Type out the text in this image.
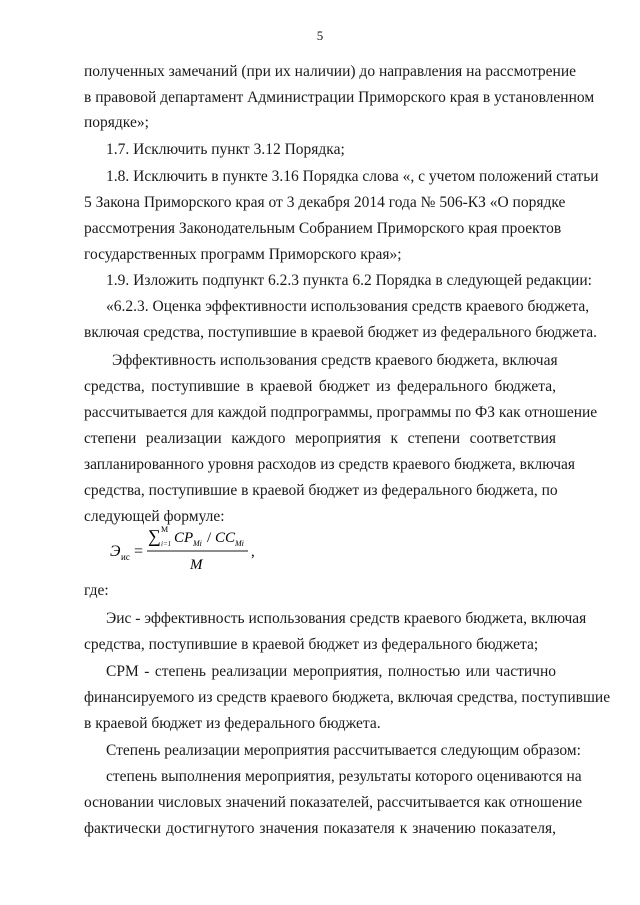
5
полученных замечаний (при их наличии) до направления на рассмотрение
в правовой департамент Администрации Приморского края в установленном
порядке»;
1.7. Исключить пункт 3.12 Порядка;
1.8. Исключить в пункте 3.16 Порядка слова «, с учетом положений статьи
5 Закона Приморского края от 3 декабря 2014 года № 506-КЗ «О порядке
рассмотрения Законодательным Собранием Приморского края проектов
государственных программ Приморского края»;
1.9. Изложить подпункт 6.2.3 пункта 6.2 Порядка в следующей редакции:
«6.2.3. Оценка эффективности использования средств краевого бюджета,
включая средства, поступившие в краевой бюджет из федерального бюджета.
Эффективность использования средств краевого бюджета, включая
средства, поступившие в краевой бюджет из федерального бюджета,
рассчитывается для каждой подпрограммы, программы по ФЗ как отношение
степени реализации каждого мероприятия к степени соответствия
запланированного уровня расходов из средств краевого бюджета, включая
средства, поступившие в краевой бюджет из федерального бюджета, по
следующей формуле:
Э ис =
∑ M
i=1 CP Mi / CC Mi
M
,
где:
Эис - эффективность использования средств краевого бюджета, включая
средства, поступившие в краевой бюджет из федерального бюджета;
СРМ - степень реализации мероприятия, полностью или частично
финансируемого из средств краевого бюджета, включая средства, поступившие
в краевой бюджет из федерального бюджета.
Степень реализации мероприятия рассчитывается следующим образом:
степень выполнения мероприятия, результаты которого оцениваются на
основании числовых значений показателей, рассчитывается как отношение
фактически достигнутого значения показателя к значению показателя,
